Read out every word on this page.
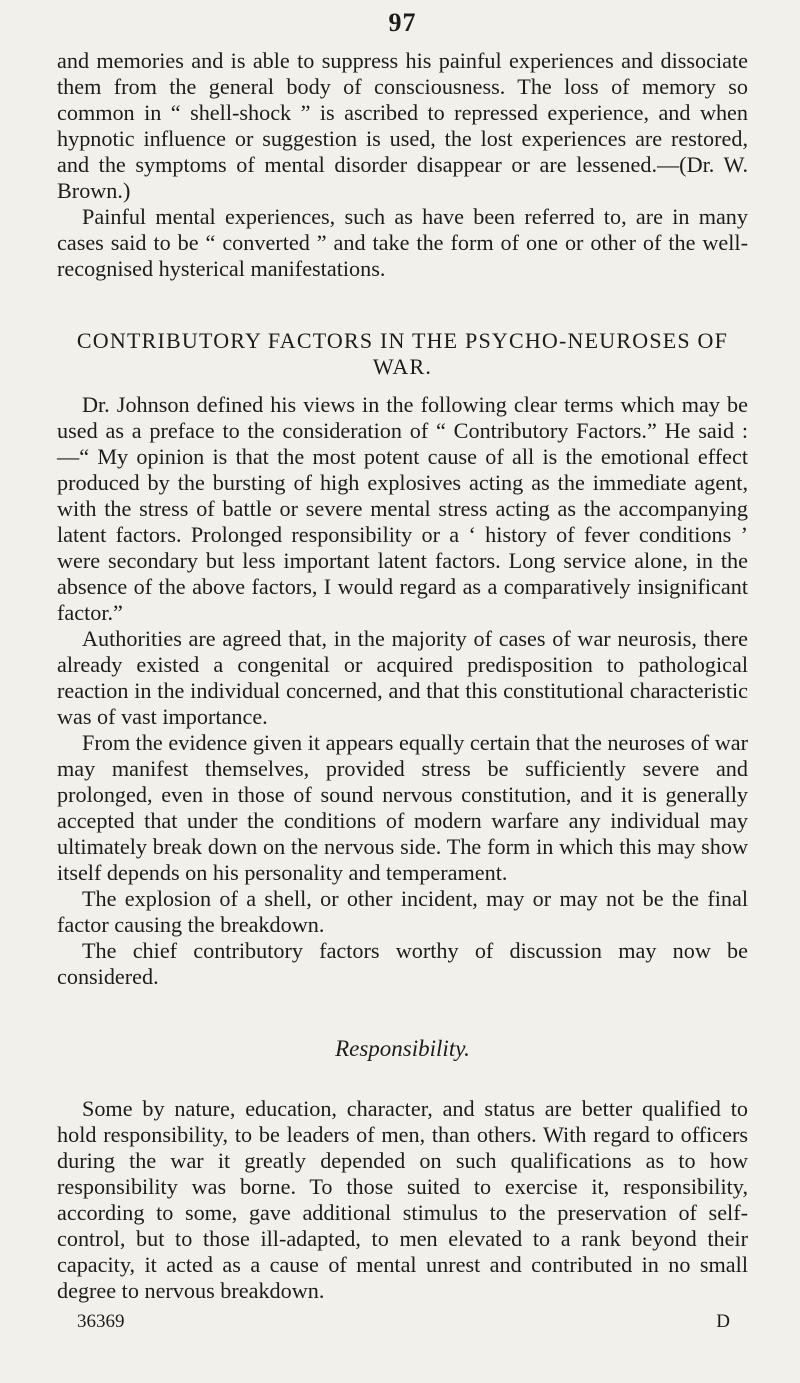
97

and memories and is able to suppress his painful experiences and dissociate them from the general body of consciousness. The loss of memory so common in “ shell-shock ” is ascribed to repressed experience, and when hypnotic influence or suggestion is used, the lost experiences are restored, and the symptoms of mental disorder disappear or are lessened.—(Dr. W. Brown.)

Painful mental experiences, such as have been referred to, are in many cases said to be “ converted ” and take the form of one or other of the well-recognised hysterical manifestations.

CONTRIBUTORY FACTORS IN THE PSYCHO-NEUROSES OF WAR.

Dr. Johnson defined his views in the following clear terms which may be used as a preface to the consideration of “ Contributory Factors.” He said :—“ My opinion is that the most potent cause of all is the emotional effect produced by the bursting of high explosives acting as the immediate agent, with the stress of battle or severe mental stress acting as the accompanying latent factors. Prolonged responsibility or a ‘ history of fever conditions ’ were secondary but less important latent factors. Long service alone, in the absence of the above factors, I would regard as a comparatively insignificant factor.”

Authorities are agreed that, in the majority of cases of war neurosis, there already existed a congenital or acquired predisposition to pathological reaction in the individual concerned, and that this constitutional characteristic was of vast importance.

From the evidence given it appears equally certain that the neuroses of war may manifest themselves, provided stress be sufficiently severe and prolonged, even in those of sound nervous constitution, and it is generally accepted that under the conditions of modern warfare any individual may ultimately break down on the nervous side. The form in which this may show itself depends on his personality and temperament.

The explosion of a shell, or other incident, may or may not be the final factor causing the breakdown.

The chief contributory factors worthy of discussion may now be considered.

Responsibility.

Some by nature, education, character, and status are better qualified to hold responsibility, to be leaders of men, than others. With regard to officers during the war it greatly depended on such qualifications as to how responsibility was borne. To those suited to exercise it, responsibility, according to some, gave additional stimulus to the preservation of self-control, but to those ill-adapted, to men elevated to a rank beyond their capacity, it acted as a cause of mental unrest and contributed in no small degree to nervous breakdown.

36369	D
